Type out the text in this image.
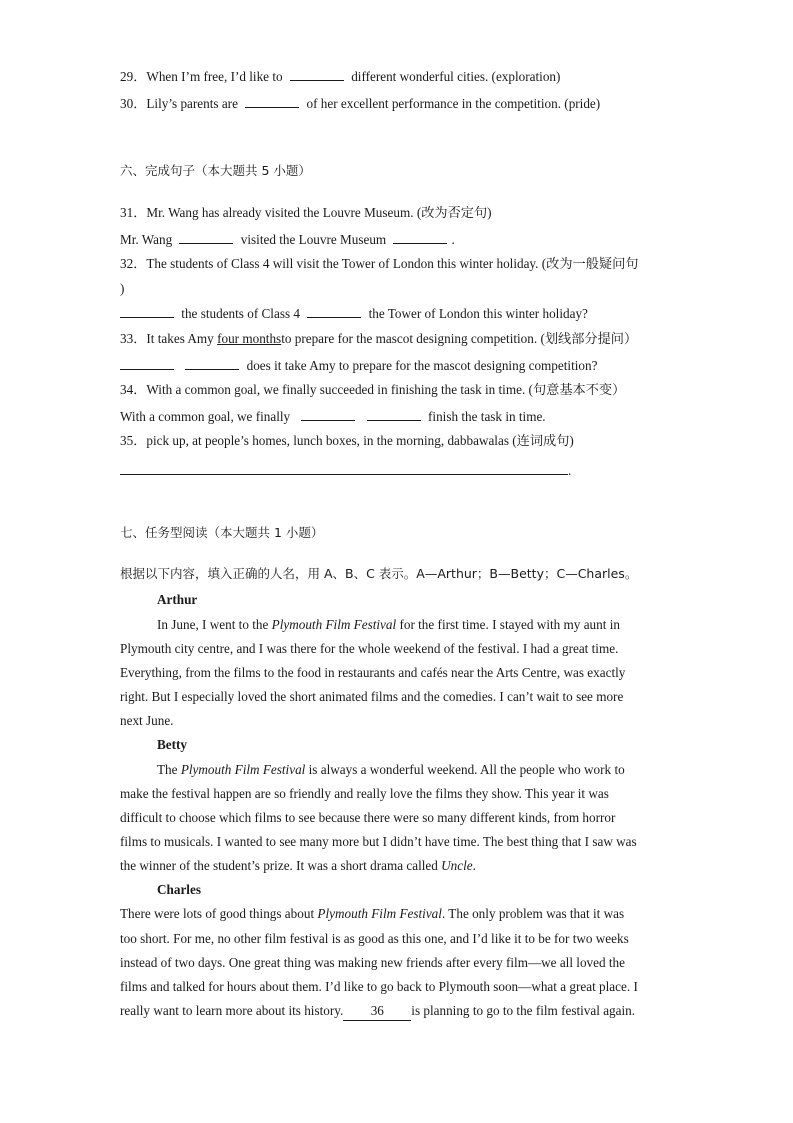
29．When I’m free, I’d like to	different wonderful cities. (exploration)
30．Lily’s parents are	of her excellent performance in the competition. (pride)
六、完成句子（本大题共 5 小题）
31．Mr. Wang has already visited the Louvre Museum. (改为否定句)
Mr. Wang	visited the Louvre Museum	.
32．The students of Class 4 will visit the Tower of London this winter holiday. (改为一般疑问句
)
the students of Class 4	the Tower of London this winter holiday?
33．It takes Amy four monthsto prepare for the mascot designing competition. (划线部分提问）
does it take Amy to prepare for the mascot designing competition?
34．With a common goal, we finally succeeded in finishing the task in time. (句意基本不变）
With a common goal, we finally	finish the task in time.
35．pick up, at people’s homes, lunch boxes, in the morning, dabbawalas (连词成句)
.
七、任务型阅读（本大题共 1 小题）
根据以下内容，填入正确的人名，用 A、B、C 表示。A—Arthur；B—Betty；C—Charles。
Arthur
In June, I went to the Plymouth Film Festival for the first time. I stayed with my aunt in
Plymouth city centre, and I was there for the whole weekend of the festival. I had a great time.
Everything, from the films to the food in restaurants and cafés near the Arts Centre, was exactly
right. But I especially loved the short animated films and the comedies. I can’t wait to see more
next June.
Betty
The Plymouth Film Festival is always a wonderful weekend. All the people who work to
make the festival happen are so friendly and really love the films they show. This year it was
difficult to choose which films to see because there were so many different kinds, from horror
films to musicals. I wanted to see many more but I didn’t have time. The best thing that I saw was
the winner of the student’s prize. It was a short drama called Uncle.
Charles
There were lots of good things about Plymouth Film Festival. The only problem was that it was
too short. For me, no other film festival is as good as this one, and I’d like it to be for two weeks
instead of two days. One great thing was making new friends after every film—we all loved the
films and talked for hours about them. I’d like to go back to Plymouth soon—what a great place. I
really want to learn more about its history. 36 is planning to go to the film festival again.
